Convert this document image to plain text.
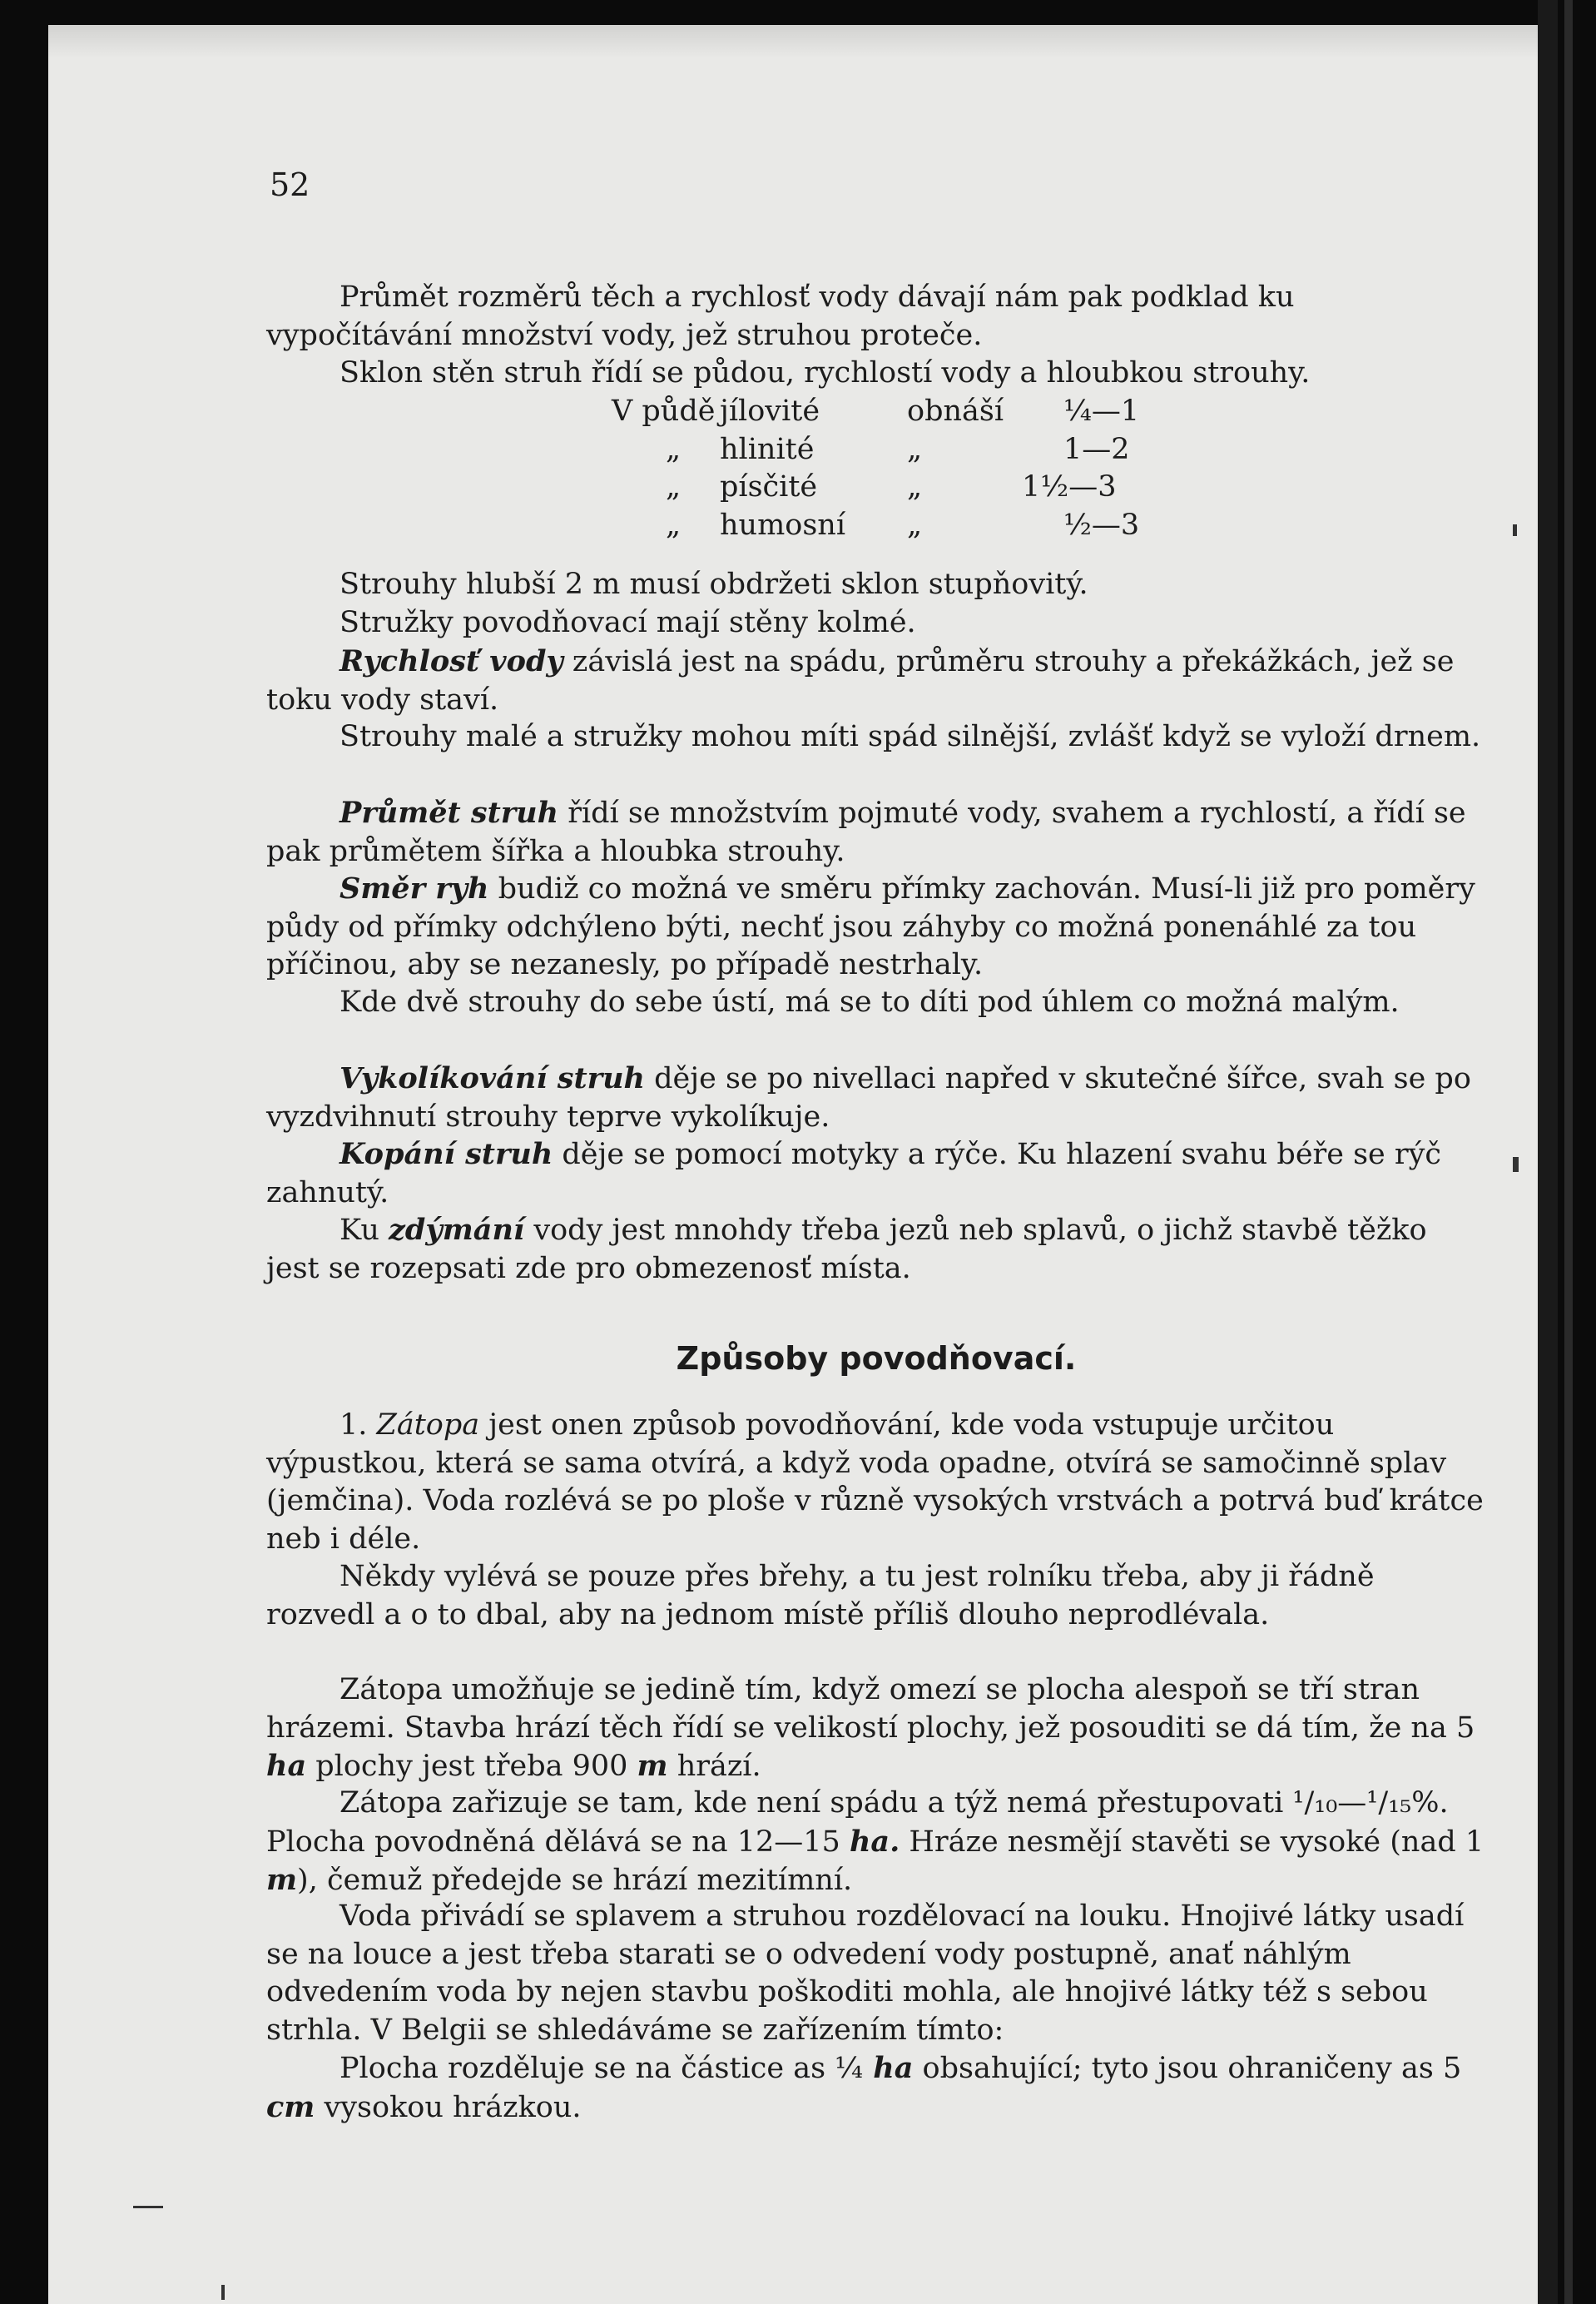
52

Průmět rozměrů těch a rychlosť vody dávají nám pak podklad ku vypočítávání množství vody, jež struhou proteče.

Sklon stěn struh řídí se půdou, rychlostí vody a hloubkou strouhy.

V půdě jílovité	obnáší ¼—1
„ hlinité	„	1—2
„ písčité	„	1½—3
„ humosní „	½—3

Strouhy hlubší 2 m musí obdržeti sklon stupňovitý.

Stružky povodňovací mají stěny kolmé.

Rychlosť vody závislá jest na spádu, průměru strouhy a překážkách, jež se toku vody staví.

Strouhy malé a stružky mohou míti spád silnější, zvlášť když se vyloží drnem.

Průmět struh řídí se množstvím pojmuté vody, svahem a rychlostí, a řídí se pak průmětem šířka a hloubka strouhy.

Směr ryh budiž co možná ve směru přímky zachován. Musí-li již pro poměry půdy od přímky odchýleno býti, nechť jsou záhyby co možná ponenáhlé za tou příčinou, aby se nezanesly, po případě nestrhaly.

Kde dvě strouhy do sebe ústí, má se to díti pod úhlem co možná malým.

Vykolíkování struh děje se po nivellaci napřed v skutečné šířce, svah se po vyzdvihnutí strouhy teprve vykolíkuje.

Kopání struh děje se pomocí motyky a rýče. Ku hlazení svahu béře se rýč zahnutý.

Ku zdýmání vody jest mnohdy třeba jezů neb splavů, o jichž stavbě těžko jest se rozepsati zde pro obmezenosť místa.

Způsoby povodňovací.

1. Zátopa jest onen způsob povodňování, kde voda vstupuje určitou výpustkou, která se sama otvírá, a když voda opadne, otvírá se samočinně splav (jemčina). Voda rozlévá se po ploše v různě vysokých vrstvách a potrvá buď krátce neb i déle.

Někdy vylévá se pouze přes břehy, a tu jest rolníku třeba, aby ji řádně rozvedl a o to dbal, aby na jednom místě příliš dlouho neprodlévala.

Zátopa umožňuje se jedině tím, když omezí se plocha alespoň se tří stran hrázemi. Stavba hrází těch řídí se velikostí plochy, jež posouditi se dá tím, že na 5 ha plochy jest třeba 900 m hrází.

Zátopa zařizuje se tam, kde není spádu a týž nemá přestupovati ¹/₁₀—¹/₁₅%. Plocha povodněná dělává se na 12—15 ha. Hráze nesmějí stavěti se vysoké (nad 1 m), čemuž předejde se hrází mezitímní.

Voda přivádí se splavem a struhou rozdělovací na louku. Hnojivé látky usadí se na louce a jest třeba starati se o odvedení vody postupně, anať náhlým odvedením voda by nejen stavbu poškoditi mohla, ale hnojivé látky též s sebou strhla. V Belgii se shledáváme se zařízením tímto:

Plocha rozděluje se na částice as ¼ ha obsahující; tyto jsou ohraničeny as 5 cm vysokou hrázkou.
